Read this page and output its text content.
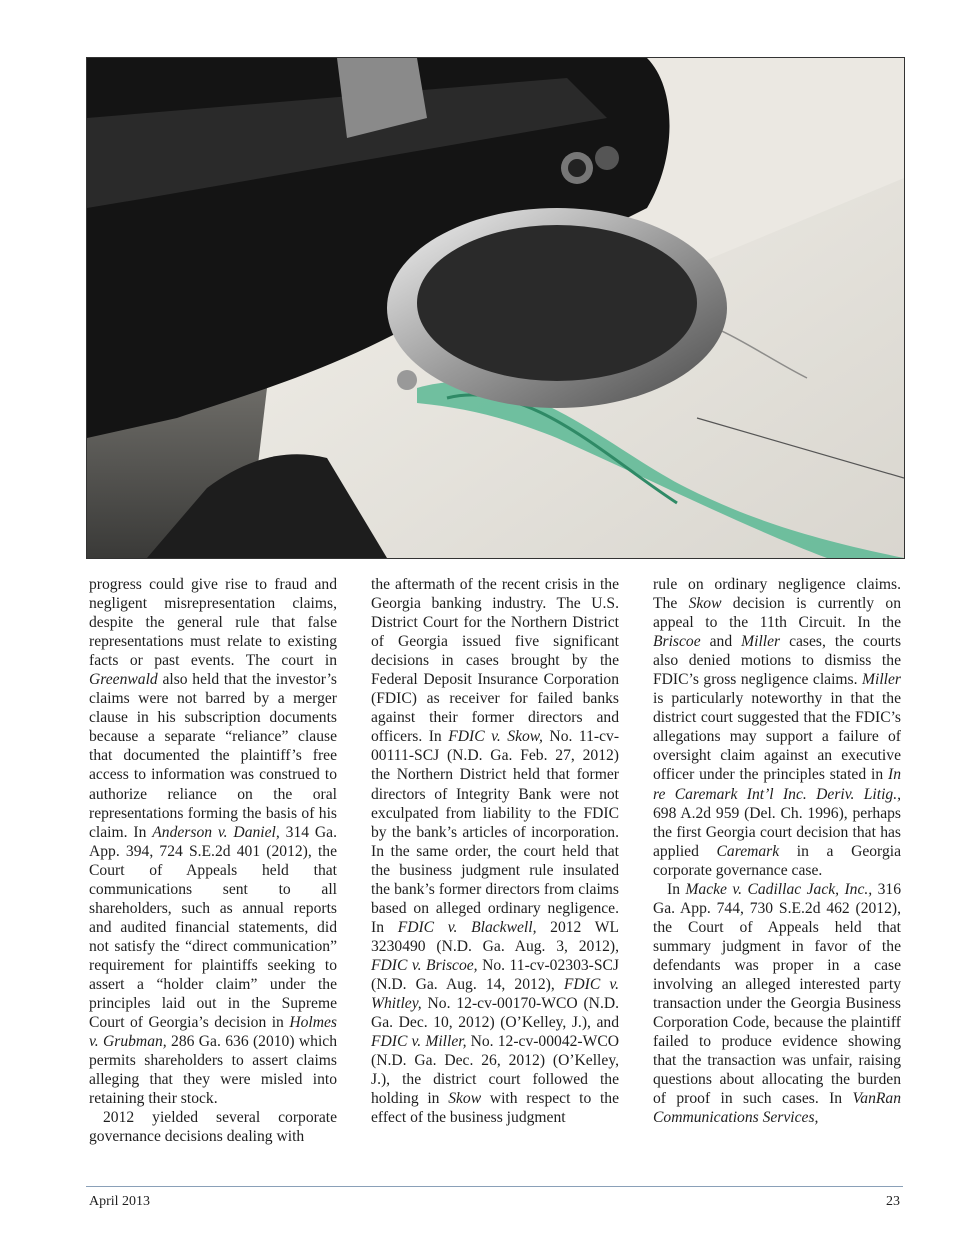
progress could give rise to fraud and negligent misrepresentation claims, despite the general rule that false representations must relate to existing facts or past events. The court in Greenwald also held that the investor’s claims were not barred by a merger clause in his subscription documents because a separate “reliance” clause that documented the plaintiff’s free access to information was construed to authorize reliance on the oral representations forming the basis of his claim. In Anderson v. Daniel, 314 Ga. App. 394, 724 S.E.2d 401 (2012), the Court of Appeals held that communications sent to all shareholders, such as annual reports and audited financial statements, did not satisfy the “direct communication” requirement for plaintiffs seeking to assert a “holder claim” under the principles laid out in the Supreme Court of Georgia’s decision in Holmes v. Grubman, 286 Ga. 636 (2010) which permits shareholders to assert claims alleging that they were misled into retaining their stock.

2012 yielded several corporate governance decisions dealing with

the aftermath of the recent crisis in the Georgia banking industry. The U.S. District Court for the Northern District of Georgia issued five significant decisions in cases brought by the Federal Deposit Insurance Corporation (FDIC) as receiver for failed banks against their former directors and officers. In FDIC v. Skow, No. 11-cv-00111-SCJ (N.D. Ga. Feb. 27, 2012) the Northern District held that former directors of Integrity Bank were not exculpated from liability to the FDIC by the bank’s articles of incorporation. In the same order, the court held that the business judgment rule insulated the bank’s former directors from claims based on alleged ordinary negligence. In FDIC v. Blackwell, 2012 WL 3230490 (N.D. Ga. Aug. 3, 2012), FDIC v. Briscoe, No. 11-cv-02303-SCJ (N.D. Ga. Aug. 14, 2012), FDIC v. Whitley, No. 12-cv-00170-WCO (N.D. Ga. Dec. 10, 2012) (O’Kelley, J.), and FDIC v. Miller, No. 12-cv-00042-WCO (N.D. Ga. Dec. 26, 2012) (O’Kelley, J.), the district court followed the holding in Skow with respect to the effect of the business judgment

rule on ordinary negligence claims. The Skow decision is currently on appeal to the 11th Circuit. In the Briscoe and Miller cases, the courts also denied motions to dismiss the FDIC’s gross negligence claims. Miller is particularly noteworthy in that the district court suggested that the FDIC’s allegations may support a failure of oversight claim against an executive officer under the principles stated in In re Caremark Int’l Inc. Deriv. Litig., 698 A.2d 959 (Del. Ch. 1996), perhaps the first Georgia court decision that has applied Caremark in a Georgia corporate governance case.

In Macke v. Cadillac Jack, Inc., 316 Ga. App. 744, 730 S.E.2d 462 (2012), the Court of Appeals held that summary judgment in favor of the defendants was proper in a case involving an alleged interested party transaction under the Georgia Business Corporation Code, because the plaintiff failed to produce evidence showing that the transaction was unfair, raising questions about allocating the burden of proof in such cases. In VanRan Communications Services,

April 2013	23
